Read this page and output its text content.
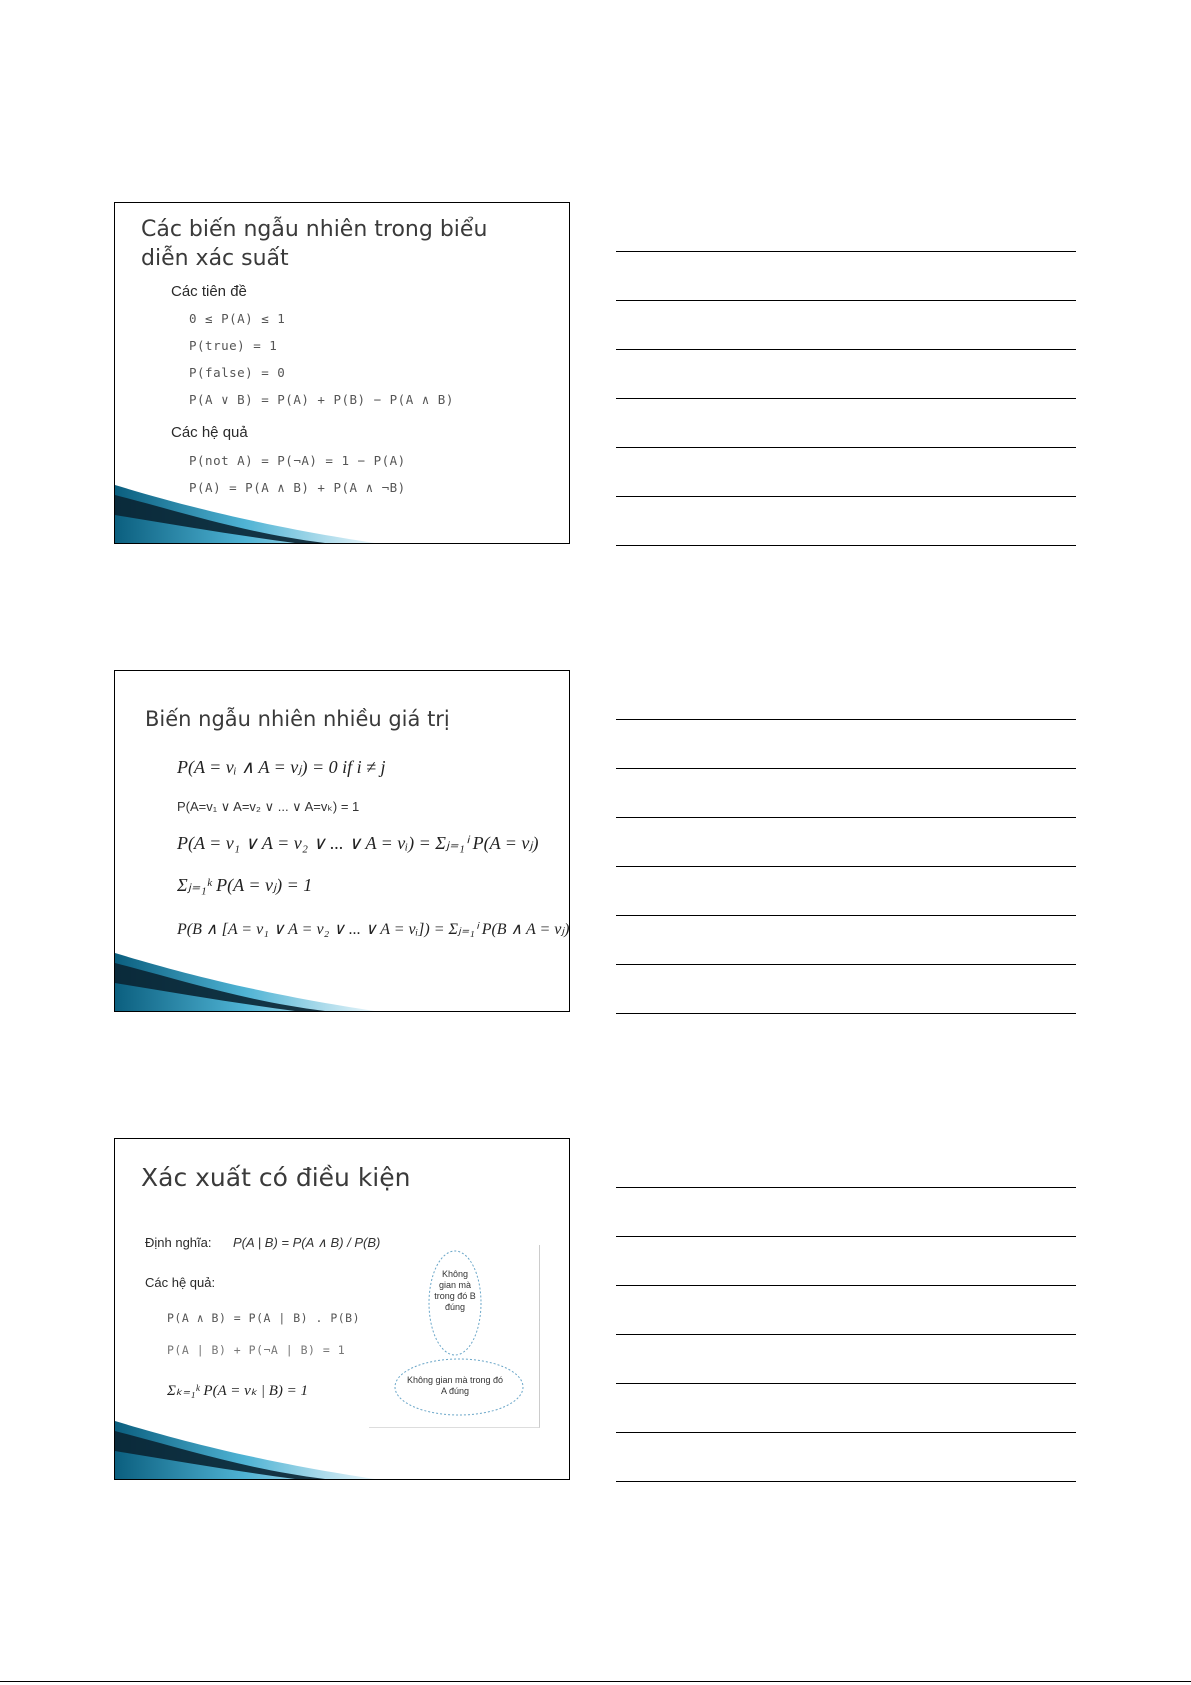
Các biến ngẫu nhiên trong biểu diễn xác suất
Các tiên đề
0 ≤ P(A) ≤ 1
P(true) = 1
P(false) = 0
P(A ∨ B) = P(A) + P(B) − P(A ∧ B)
Các hệ quả
P(not A) = P(¬A) = 1 − P(A)
P(A) = P(A ∧ B) + P(A ∧ ¬B)
Biến ngẫu nhiên nhiều giá trị
P(A = vᵢ ∧ A = vⱼ) = 0 if i ≠ j
P(A=v₁ ∨ A=v₂ ∨ ... ∨ A=vₖ) = 1
P(A = v₁ ∨ A = v₂ ∨ ... ∨ A = vᵢ) = Σⱼ₌₁ⁱ P(A = vⱼ)
Σⱼ₌₁ᵏ P(A = vⱼ) = 1
P(B ∧ [A = v₁ ∨ A = v₂ ∨ ... ∨ A = vᵢ]) = Σⱼ₌₁ⁱ P(B ∧ A = vⱼ)
Xác xuất có điều kiện
Định nghĩa: P(A | B) = P(A ∧ B) / P(B)
Các hệ quả:
P(A ∧ B) = P(A | B) . P(B)
P(A | B) + P(¬A | B) = 1
Σₖ₌₁ᵏ P(A = vₖ | B) = 1
Không gian mà trong đó B đúng
Không gian mà trong đó A đúng
